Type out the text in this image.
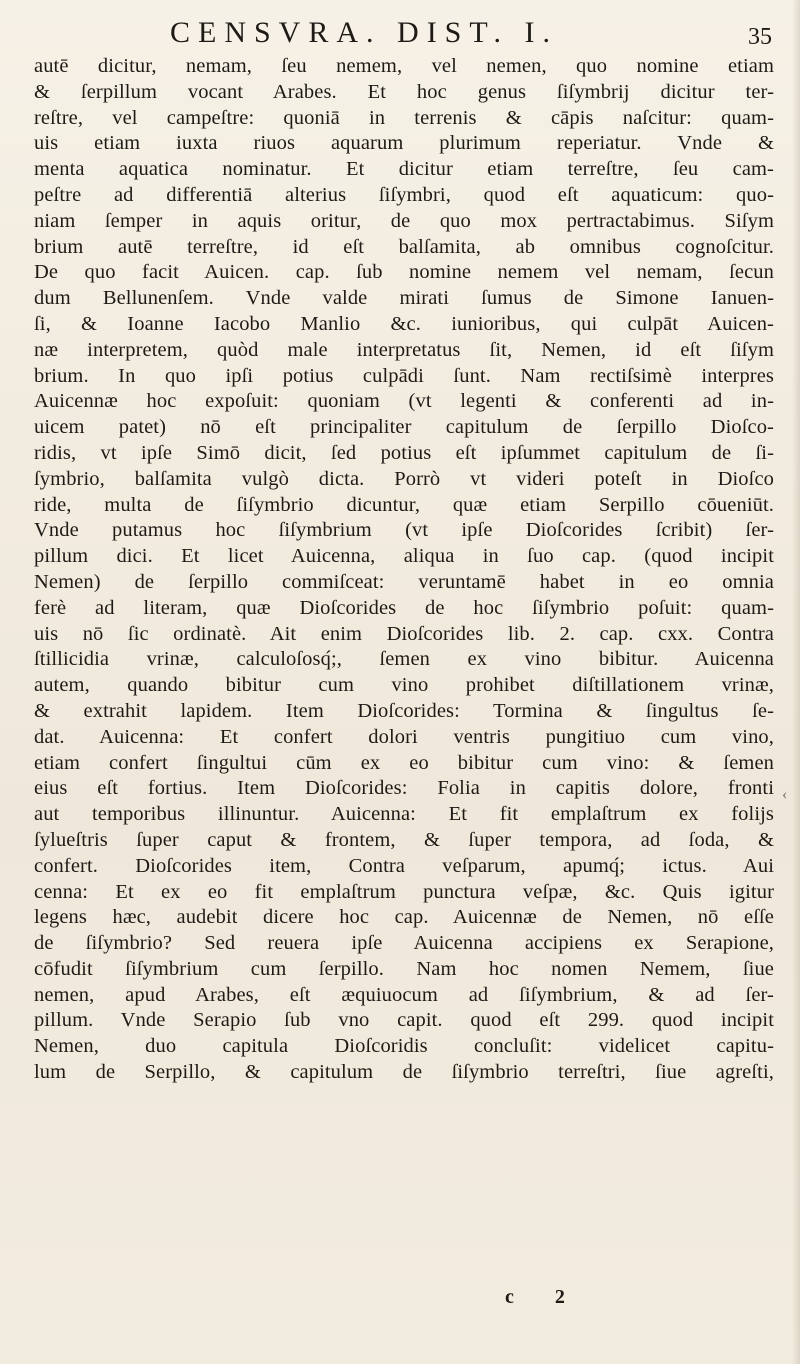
CENSVRA. DIST. I.	35
autē dicitur, nemam, ſeu nemem, vel nemen, quo nomine etiam
& ſerpillum vocant Arabes. Et hoc genus ſiſymbrij dicitur ter-
reſtre, vel campeſtre: quoniā in terrenis & cāpis naſcitur: quam-
uis etiam iuxta riuos aquarum plurimum reperiatur. Vnde &
menta aquatica nominatur. Et dicitur etiam terreſtre, ſeu cam-
peſtre ad differentiā alterius ſiſymbri, quod eſt aquaticum: quo-
niam ſemper in aquis oritur, de quo mox pertractabimus. Siſym
brium autē terreſtre, id eſt balſamita, ab omnibus cognoſcitur.
De quo facit Auicen. cap. ſub nomine nemem vel nemam, ſecun
dum Bellunenſem. Vnde valde mirati ſumus de Simone Ianuen-
ſi, & Ioanne Iacobo Manlio &c. iunioribus, qui culpāt Auicen-
næ interpretem, quòd male interpretatus ſit, Nemen, id eſt ſiſym
brium. In quo ipſi potius culpādi ſunt. Nam rectiſsimè interpres
Auicennæ hoc expoſuit: quoniam (vt legenti & conferenti ad in-
uicem patet) nō eſt principaliter capitulum de ſerpillo Dioſco-
ridis, vt ipſe Simō dicit, ſed potius eſt ipſummet capitulum de ſi-
ſymbrio, balſamita vulgò dicta. Porrò vt videri poteſt in Dioſco
ride, multa de ſiſymbrio dicuntur, quæ etiam Serpillo cōueniūt.
Vnde putamus hoc ſiſymbrium (vt ipſe Dioſcorides ſcribit) ſer-
pillum dici. Et licet Auicenna, aliqua in ſuo cap. (quod incipit
Nemen) de ſerpillo commiſceat: veruntamē habet in eo omnia
ferè ad literam, quæ Dioſcorides de hoc ſiſymbrio poſuit: quam-
uis nō ſic ordinatè. Ait enim Dioſcorides lib. 2. cap. cxx. Contra
ſtillicidia vrinæ, calculoſosq́;, ſemen ex vino bibitur. Auicenna
autem, quando bibitur cum vino prohibet diſtillationem vrinæ,
& extrahit lapidem. Item Dioſcorides: Tormina & ſingultus ſe-
dat. Auicenna: Et confert dolori ventris pungitiuo cum vino,
etiam confert ſingultui cūm ex eo bibitur cum vino: & ſemen
eius eſt fortius. Item Dioſcorides: Folia in capitis dolore, fronti
aut temporibus illinuntur. Auicenna: Et fit emplaſtrum ex folijs
ſylueſtris ſuper caput & frontem, & ſuper tempora, ad ſoda, &
confert. Dioſcorides item, Contra veſparum, apumq́; ictus. Aui
cenna: Et ex eo fit emplaſtrum punctura veſpæ, &c. Quis igitur
legens hæc, audebit dicere hoc cap. Auicennæ de Nemen, nō eſſe
de ſiſymbrio? Sed reuera ipſe Auicenna accipiens ex Serapione,
cōfudit ſiſymbrium cum ſerpillo. Nam hoc nomen Nemem, ſiue
nemen, apud Arabes, eſt æquiuocum ad ſiſymbrium, & ad ſer-
pillum. Vnde Serapio ſub vno capit. quod eſt 299. quod incipit
Nemen, duo capitula Dioſcoridis concluſit: videlicet capitu-
lum de Serpillo, & capitulum de ſiſymbrio terreſtri, ſiue agreſti,
‹
c 2
